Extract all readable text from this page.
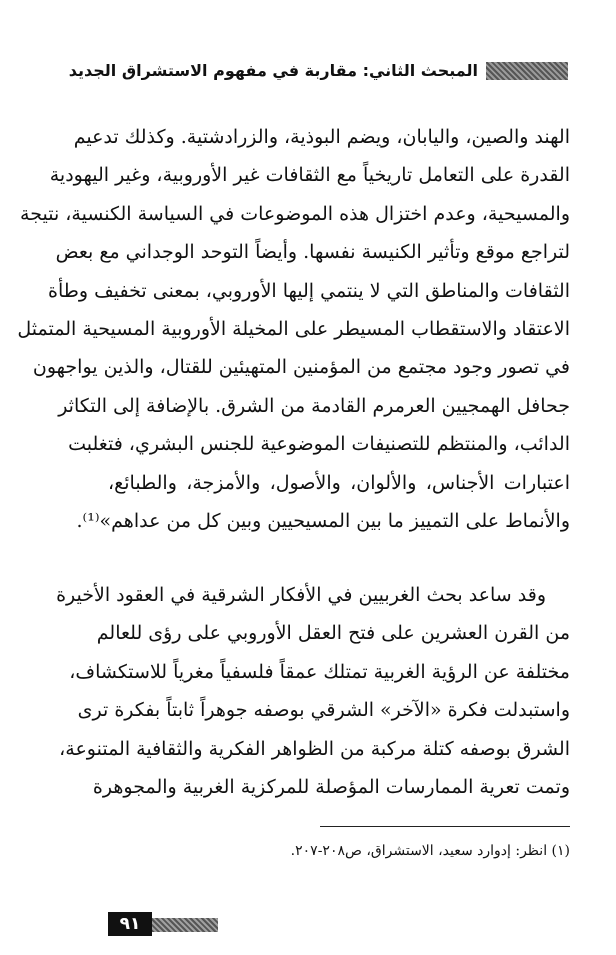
المبحث الثاني: مقاربة في مفهوم الاستشراق الجديد
الهند والصين، واليابان، ويضم البوذية، والزرادشتية. وكذلك تدعيم
القدرة على التعامل تاريخياً مع الثقافات غير الأوروبية، وغير اليهودية
والمسيحية، وعدم اختزال هذه الموضوعات في السياسة الكنسية، نتيجة
لتراجع موقع وتأثير الكنيسة نفسها. وأيضاً التوحد الوجداني مع بعض
الثقافات والمناطق التي لا ينتمي إليها الأوروبي، بمعنى تخفيف وطأة
الاعتقاد والاستقطاب المسيطر على المخيلة الأوروبية المسيحية المتمثل
في تصور وجود مجتمع من المؤمنين المتهيئين للقتال، والذين يواجهون
جحافل الهمجيين العرمرم القادمة من الشرق. بالإضافة إلى التكاثر
الدائب، والمنتظم للتصنيفات الموضوعية للجنس البشري، فتغلبت
اعتبارات الأجناس، والألوان، والأصول، والأمزجة، والطبائع،
والأنماط على التمييز ما بين المسيحيين وبين كل من عداهم»⁽¹⁾.
وقد ساعد بحث الغربيين في الأفكار الشرقية في العقود الأخيرة
من القرن العشرين على فتح العقل الأوروبي على رؤى للعالم
مختلفة عن الرؤية الغربية تمتلك عمقاً فلسفياً مغرياً للاستكشاف،
واستبدلت فكرة «الآخر» الشرقي بوصفه جوهراً ثابتاً بفكرة ترى
الشرق بوصفه كتلة مركبة من الظواهر الفكرية والثقافية المتنوعة،
وتمت تعرية الممارسات المؤصلة للمركزية الغربية والمجوهرة
(١) انظر: إدوارد سعيد، الاستشراق، ص٢٠٨-٢٠٧.
٩١
